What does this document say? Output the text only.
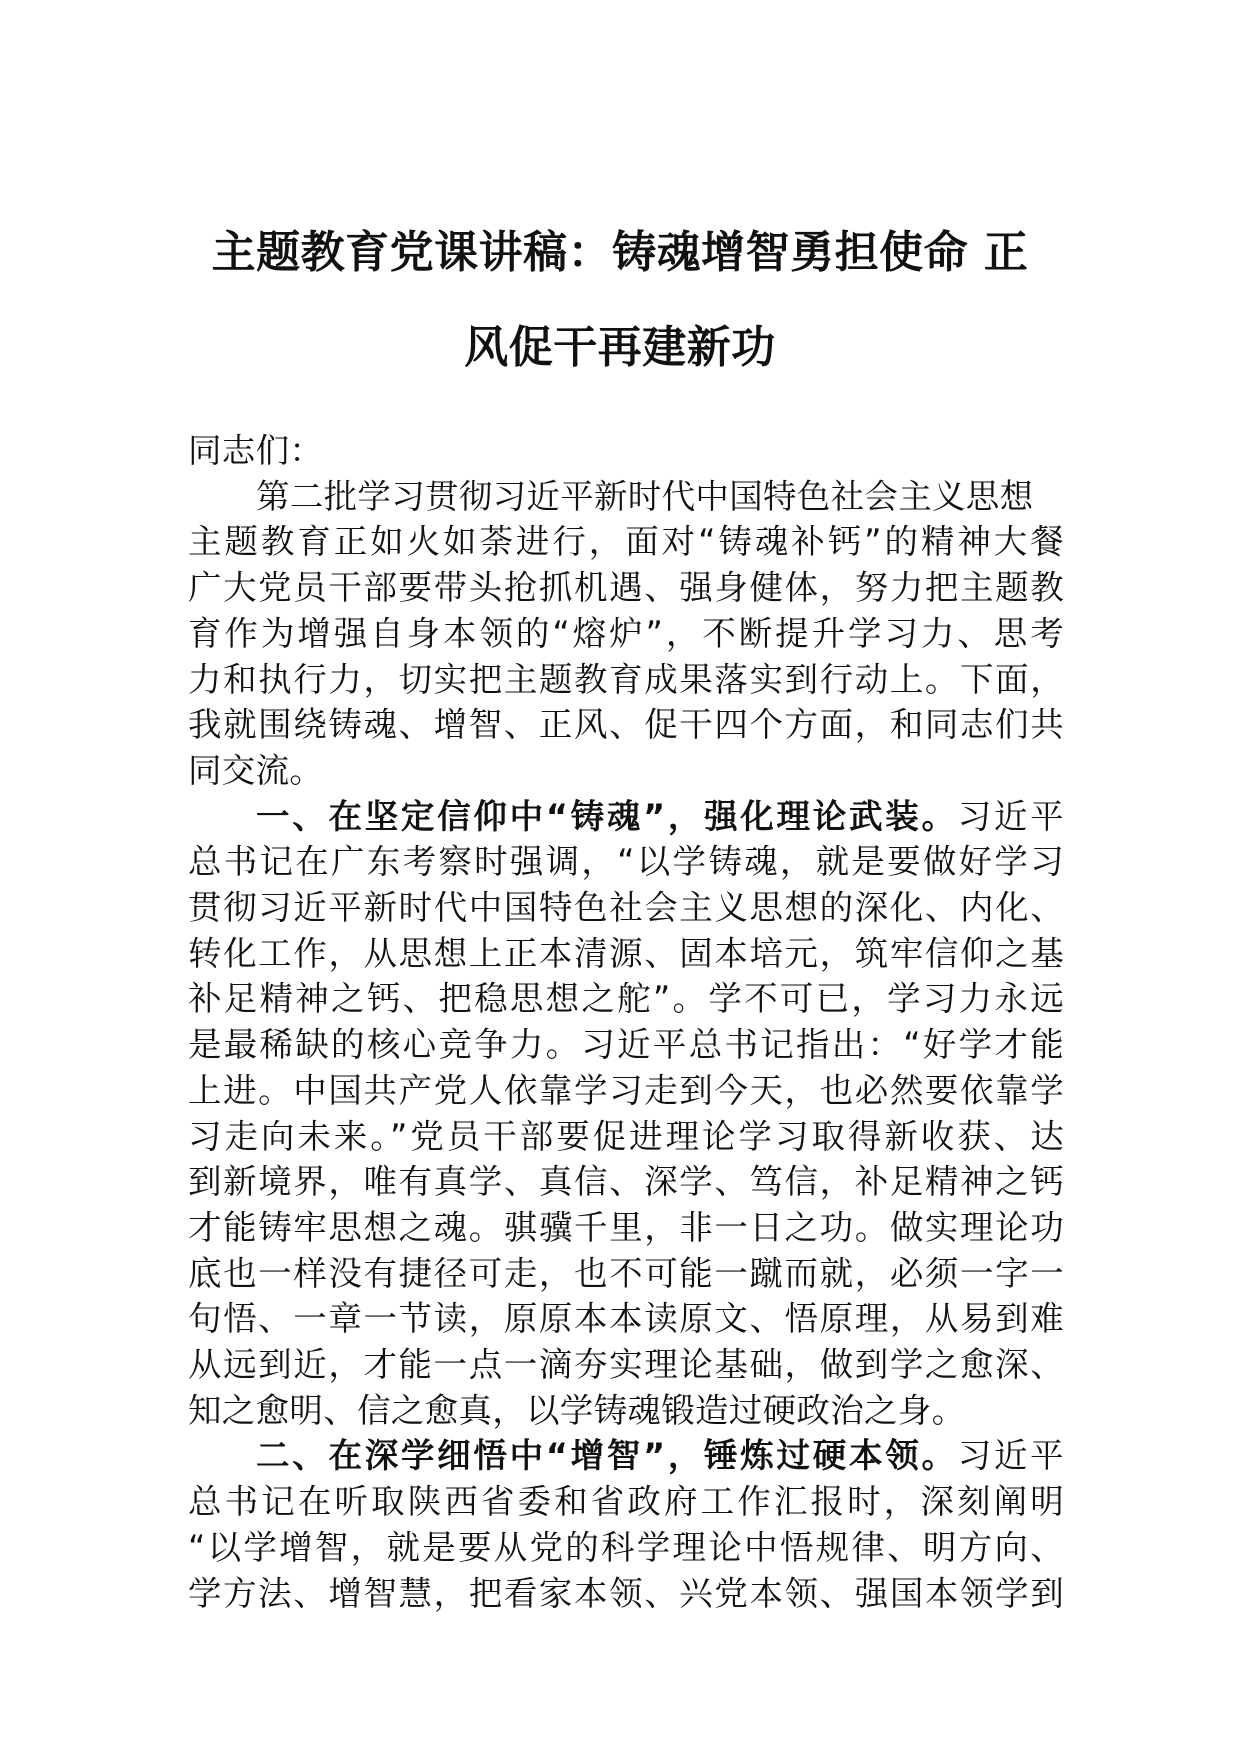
主题教育党课讲稿：铸魂增智勇担使命 正
风促干再建新功
同志们：
第二批学习贯彻习近平新时代中国特色社会主义思想
主题教育正如火如荼进行，面对“铸魂补钙”的精神大餐
广大党员干部要带头抢抓机遇、强身健体，努力把主题教
育作为增强自身本领的“熔炉”，不断提升学习力、思考
力和执行力，切实把主题教育成果落实到行动上。下面，
我就围绕铸魂、增智、正风、促干四个方面，和同志们共
同交流。
一、在坚定信仰中“铸魂”，强化理论武装。习近平
总书记在广东考察时强调，“以学铸魂，就是要做好学习
贯彻习近平新时代中国特色社会主义思想的深化、内化、
转化工作，从思想上正本清源、固本培元，筑牢信仰之基
补足精神之钙、把稳思想之舵”。学不可已，学习力永远
是最稀缺的核心竞争力。习近平总书记指出：“好学才能
上进。中国共产党人依靠学习走到今天，也必然要依靠学
习走向未来。”党员干部要促进理论学习取得新收获、达
到新境界，唯有真学、真信、深学、笃信，补足精神之钙
才能铸牢思想之魂。骐骥千里，非一日之功。做实理论功
底也一样没有捷径可走，也不可能一蹴而就，必须一字一
句悟、一章一节读，原原本本读原文、悟原理，从易到难
从远到近，才能一点一滴夯实理论基础，做到学之愈深、
知之愈明、信之愈真，以学铸魂锻造过硬政治之身。
二、在深学细悟中“增智”，锤炼过硬本领。习近平
总书记在听取陕西省委和省政府工作汇报时，深刻阐明
“以学增智，就是要从党的科学理论中悟规律、明方向、
学方法、增智慧，把看家本领、兴党本领、强国本领学到
